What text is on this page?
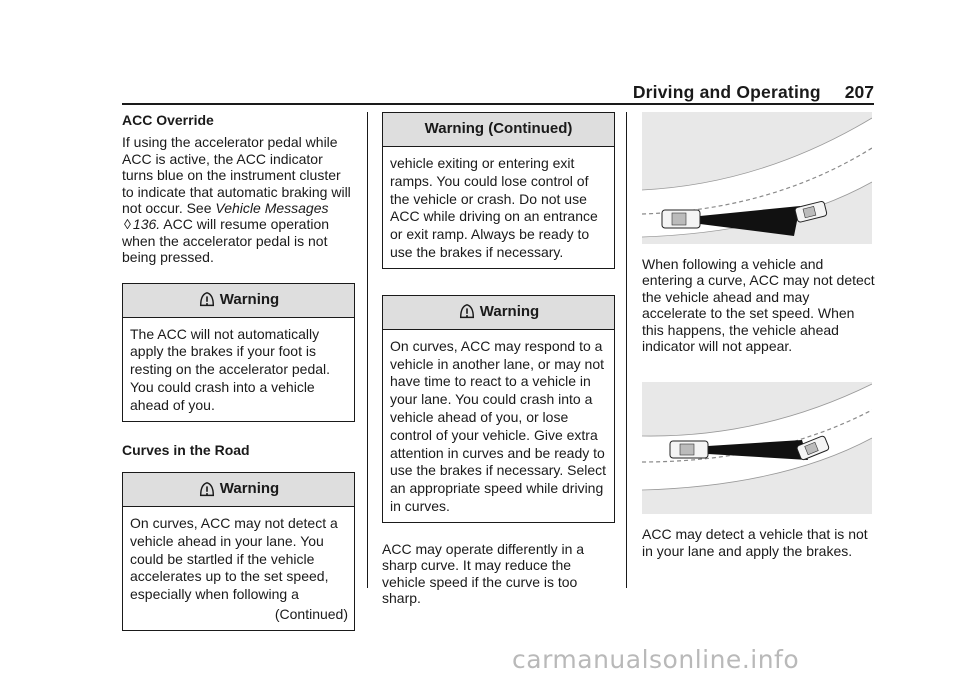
Driving and Operating 207

ACC Override

If using the accelerator pedal while ACC is active, the ACC indicator turns blue on the instrument cluster to indicate that automatic braking will not occur. See Vehicle Messages ◊ 136. ACC will resume operation when the accelerator pedal is not being pressed.

Warning
The ACC will not automatically apply the brakes if your foot is resting on the accelerator pedal. You could crash into a vehicle ahead of you.

Curves in the Road

Warning
On curves, ACC may not detect a vehicle ahead in your lane. You could be startled if the vehicle accelerates up to the set speed, especially when following a
(Continued)
Warning (Continued)
vehicle exiting or entering exit ramps. You could lose control of the vehicle or crash. Do not use ACC while driving on an entrance or exit ramp. Always be ready to use the brakes if necessary.
Warning
On curves, ACC may respond to a vehicle in another lane, or may not have time to react to a vehicle in your lane. You could crash into a vehicle ahead of you, or lose control of your vehicle. Give extra attention in curves and be ready to use the brakes if necessary. Select an appropriate speed while driving in curves.

ACC may operate differently in a sharp curve. It may reduce the vehicle speed if the curve is too sharp.

When following a vehicle and entering a curve, ACC may not detect the vehicle ahead and may accelerate to the set speed. When this happens, the vehicle ahead indicator will not appear.

ACC may detect a vehicle that is not in your lane and apply the brakes.

carmanualsonline.info
